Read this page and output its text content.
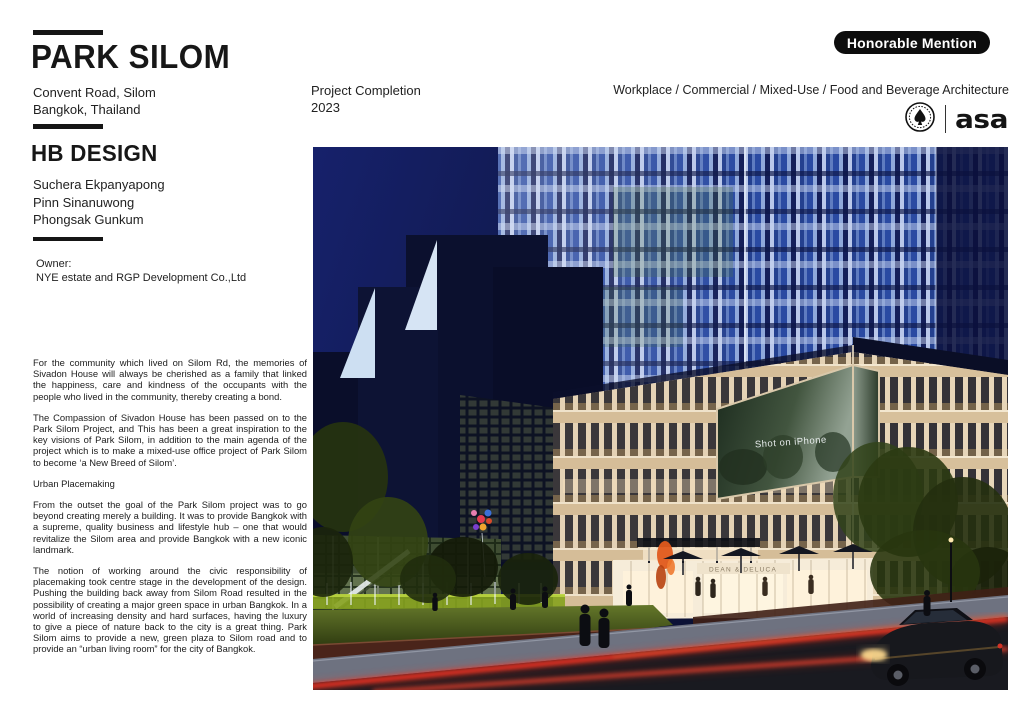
PARK SILOM
Convent Road, Silom
Bangkok, Thailand
HB DESIGN
Suchera Ekpanyapong
Pinn Sinanuwong
Phongsak Gunkum
Owner:
NYE estate and RGP Development Co.,Ltd

For the community which lived on Silom Rd, the memories of Sivadon House will always be cherished as a family that linked the happiness, care and kindness of the occupants with the people who lived in the community, thereby creating a bond.

The Compassion of Sivadon House has been passed on to the Park Silom Project, and This has been a great inspiration to the key visions of Park Silom, in addition to the main agenda of the project which is to make a mixed-use office project of Park Silom to become ‘a New Breed of Silom’.

Urban Placemaking

From the outset the goal of the Park Silom project was to go beyond creating merely a building. It was to provide Bangkok with a supreme, quality business and lifestyle hub – one that would revitalize the Silom area and provide Bangkok with a new iconic landmark.

The notion of working around the civic responsibility of placemaking took centre stage in the development of the design. Pushing the building back away from Silom Road resulted in the possibility of creating a major green space in urban Bangkok. In a world of increasing density and hard surfaces, having the luxury to give a piece of nature back to the city is a great thing. Park Silom aims to provide a new, green plaza to Silom road and to provide an “urban living room” for the city of Bangkok.

Project Completion
2023
Honorable Mention
Workplace / Commercial / Mixed-Use / Food and Beverage Architecture
asa
Shot on iPhone
DEAN & DELUCA
